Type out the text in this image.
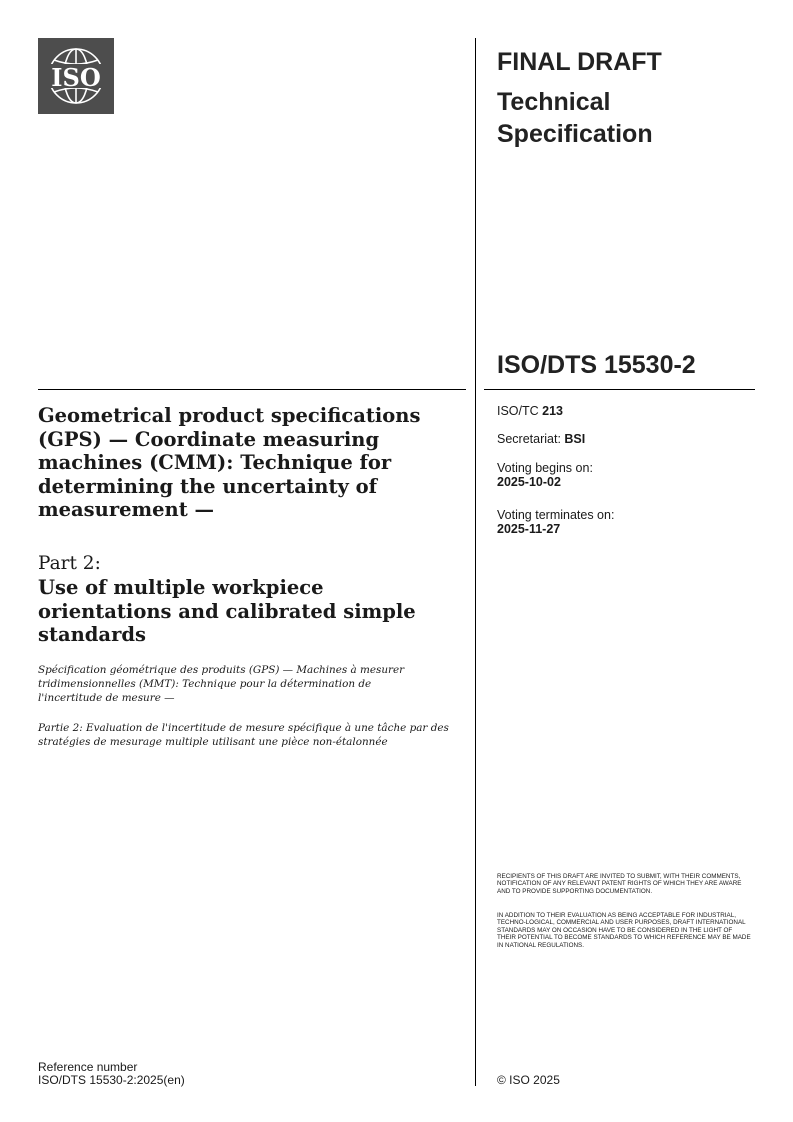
ISO
FINAL DRAFT
Technical Specification
ISO/DTS 15530-2
Geometrical product specifications (GPS) — Coordinate measuring machines (CMM): Technique for determining the uncertainty of measurement —
Part 2:
Use of multiple workpiece orientations and calibrated simple standards
Spécification géométrique des produits (GPS) — Machines à mesurer tridimensionnelles (MMT): Technique pour la détermination de l'incertitude de mesure —
Partie 2: Evaluation de l'incertitude de mesure spécifique à une tâche par des stratégies de mesurage multiple utilisant une pièce non-étalonnée
ISO/TC 213
Secretariat: BSI
Voting begins on:
2025-10-02
Voting terminates on:
2025-11-27
RECIPIENTS OF THIS DRAFT ARE INVITED TO SUBMIT, WITH THEIR COMMENTS, NOTIFICATION OF ANY RELEVANT PATENT RIGHTS OF WHICH THEY ARE AWARE AND TO PROVIDE SUPPORTING DOCUMENTATION.
IN ADDITION TO THEIR EVALUATION AS BEING ACCEPTABLE FOR INDUSTRIAL, TECHNO-LOGICAL, COMMERCIAL AND USER PURPOSES, DRAFT INTERNATIONAL STANDARDS MAY ON OCCASION HAVE TO BE CONSIDERED IN THE LIGHT OF THEIR POTENTIAL TO BECOME STANDARDS TO WHICH REFERENCE MAY BE MADE IN NATIONAL REGULATIONS.
Reference number
ISO/DTS 15530-2:2025(en)	© ISO 2025
